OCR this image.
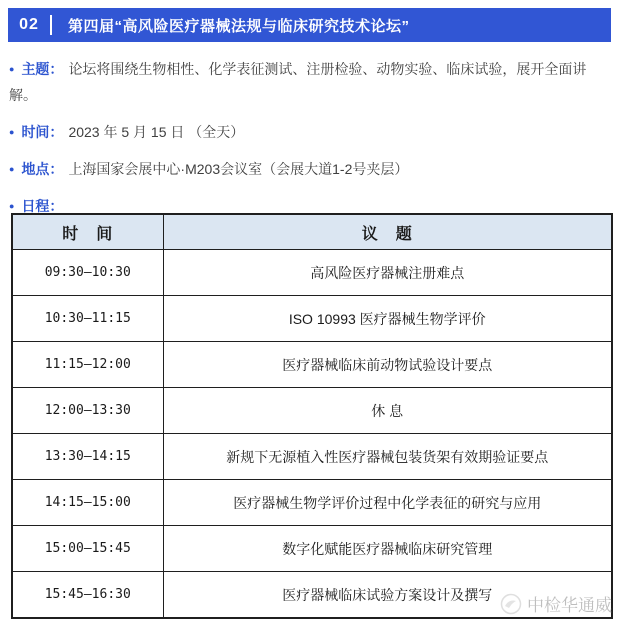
02	第四届“高风险医疗器械法规与临床研究技术论坛”

● 主题： 论坛将围绕生物相性、化学表征测试、注册检验、动物实验、临床试验，展开全面讲解。

● 时间： 2023 年 5 月 15 日 （全天）

● 地点： 上海国家会展中心·M203会议室（会展大道1-2号夹层）

● 日程：

时　间	议　题
09:30–10:30	高风险医疗器械注册难点
10:30–11:15	ISO 10993 医疗器械生物学评价
11:15–12:00	医疗器械临床前动物试验设计要点
12:00–13:30	休 息
13:30–14:15	新规下无源植入性医疗器械包装货架有效期验证要点
14:15–15:00	医疗器械生物学评价过程中化学表征的研究与应用
15:00–15:45	数字化赋能医疗器械临床研究管理
15:45–16:30	医疗器械临床试验方案设计及撰写
中检华通威
